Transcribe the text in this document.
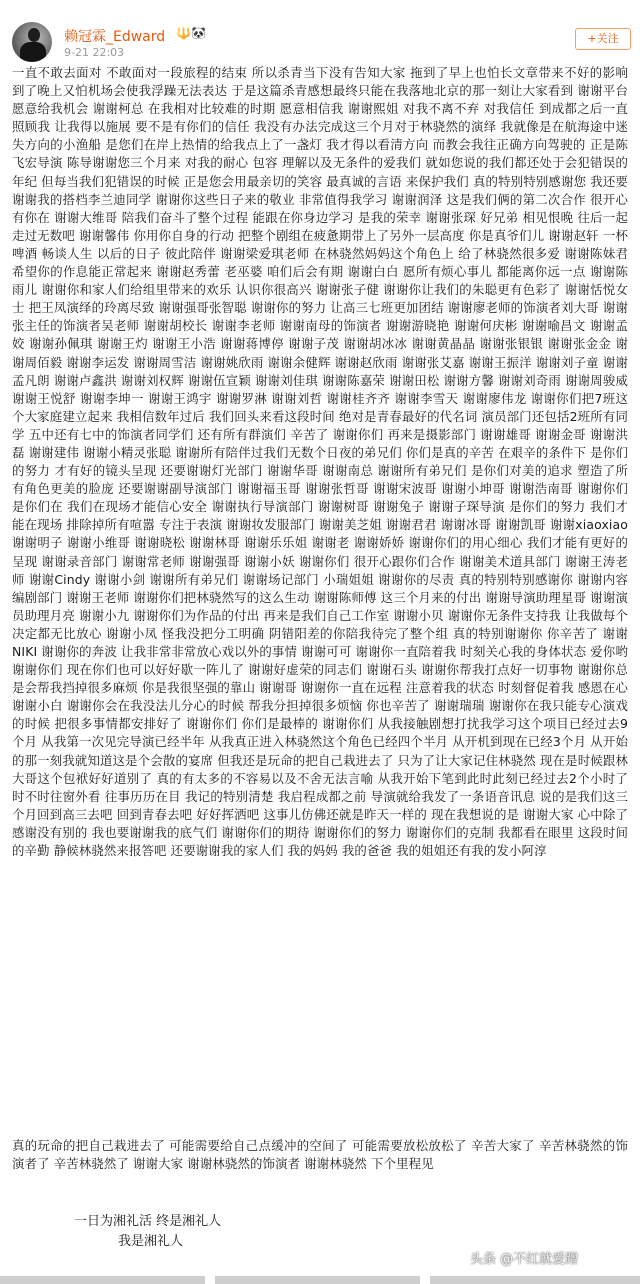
赖冠霖_Edward 🔱🐼
9-21 22:03
+关注

一直不敢去面对 不敢面对一段旅程的结束 所以杀青当下没有告知大家 拖到了早上也怕长文章带来不好的影响 到了晚上又怕机场会使我浮躁无法表达 于是这篇杀青感想最终只能在我落地北京的那一刻让大家看到 谢谢平台愿意给我机会 谢谢柯总 在我相对比较难的时期 愿意相信我 谢谢熙姐 对我不离不弃 对我信任 到成都之后一直照顾我 让我得以施展 要不是有你们的信任 我没有办法完成这三个月对于林骁然的演绎 我就像是在航海途中迷失方向的小渔船 是您们在岸上热情的给我点上了一盏灯 我才得以看清方向 而教会我往正确方向驾驶的 正是陈飞宏导演 陈导谢谢您三个月来 对我的耐心 包容 理解以及无条件的爱我们 就如您说的我们都还处于会犯错误的年纪 但每当我们犯错误的时候 正是您会用最亲切的笑容 最真诚的言语 来保护我们 真的特别特别感谢您 我还要谢谢我的搭档李兰迪同学 谢谢你这些日子来的敬业 非常值得我学习 谢谢润泽 这是我们俩的第二次合作 很开心有你在 谢谢大维哥 陪我们奋斗了整个过程 能跟在你身边学习 是我的荣幸 谢谢张琛 好兄弟 相见恨晚 往后一起走过无数吧 谢谢馨伟 你用你自身的行动 把整个剧组在疲惫期带上了另外一层高度 你是真爷们儿 谢谢赵轩 一杯啤酒 畅谈人生 以后的日子 彼此陪伴 谢谢梁爱琪老师 在林骁然妈妈这个角色上 给了林骁然很多爱 谢谢陈妹君 希望你的作息能正常起来 谢谢赵秀蕾 老巫婆 咱们后会有期 谢谢白白 愿所有烦心事儿 都能离你远一点 谢谢陈雨儿 谢谢你和家人们给组里带来的欢乐 认识你很高兴 谢谢张子健 谢谢你让我们的朱聪更有色彩了 谢谢恬悦女士 把王凤演绎的玲离尽致 谢谢强哥张智聪 谢谢你的努力 让高三七班更加团结 谢谢廖老师的饰演者刘大哥 谢谢张主任的饰演者吴老师 谢谢胡校长 谢谢李老师 谢谢南母的饰演者 谢谢游晓艳 谢谢何庆彬 谢谢喻昌文 谢谢孟姣 谢谢孙佩琪 谢谢王灼 谢谢王小浩 谢谢蒋博停 谢谢子茂 谢谢胡冰冰 谢谢黄晶晶 谢谢张银银 谢谢张金金 谢谢周佰毅 谢谢李运发 谢谢周雪洁 谢谢姚欣雨 谢谢余健辉 谢谢赵欣雨 谢谢张艾嘉 谢谢王振洋 谢谢刘子童 谢谢孟凡朗 谢谢卢鑫洪 谢谢刘权辉 谢谢伍宣颖 谢谢刘佳琪 谢谢陈嘉荣 谢谢田松 谢谢方馨 谢谢刘奇雨 谢谢周骏威 谢谢王悦舒 谢谢李坤一 谢谢王鸿宇 谢谢罗淋 谢谢刘哲 谢谢桂齐齐 谢谢李雪天 谢谢廖伟龙 谢谢你们把7班这个大家庭建立起来 我相信数年过后 我们回头来看这段时间 绝对是青春最好的代名词 演员部门还包括2班所有同学 五中还有七中的饰演者同学们 还有所有群演们 辛苦了 谢谢你们 再来是摄影部门 谢谢雄哥 谢谢金哥 谢谢洪磊 谢谢建伟 谢谢小精灵张聪 谢谢所有陪伴过我们无数个日夜的弟兄们 你们是真的辛苦 在艰辛的条件下 是你们的努力 才有好的镜头呈现 还要谢谢灯光部门 谢谢华哥 谢谢南总 谢谢所有弟兄们 是你们对美的追求 塑造了所有角色更美的脸庞 还要谢谢副导演部门 谢谢福玉哥 谢谢张哲哥 谢谢宋波哥 谢谢小坤哥 谢谢浩南哥 谢谢你们 是你们在 我们在现场才能信心安全 谢谢执行导演部门 谢谢树哥 谢谢兔子 谢谢子琛导演 是你们的努力 我们才能在现场 排除掉所有喧嚣 专注于表演 谢谢妆发服部门 谢谢美芝姐 谢谢君君 谢谢冰哥 谢谢凯哥 谢谢xiaoxiao 谢谢明子 谢谢小维哥 谢谢晓松 谢谢林哥 谢谢乐乐姐 谢谢老 谢谢娇娇 谢谢你们的用心细心 我们才能有更好的呈现 谢谢录音部门 谢谢常老师 谢谢强哥 谢谢小妖 谢谢你们 很开心跟你们合作 谢谢美术道具部门 谢谢王涛老师 谢谢Cindy 谢谢小剑 谢谢所有弟兄们 谢谢场记部门 小瑞姐姐 谢谢你的尽责 真的特别特别感谢你 谢谢内容编剧部门 谢谢王老师 谢谢你们把林骁然写的这么生动 谢谢陈师傅 这三个月来的付出 谢谢导演助理星哥 谢谢演员助理月亮 谢谢小九 谢谢你们为作品的付出 再来是我们自己工作室 谢谢小贝 谢谢你无条件支持我 让我做每个决定都无比放心 谢谢小凤 怪我没把分工明确 阴错阳差的你陪我待完了整个组 真的特别谢谢你 你辛苦了 谢谢NIKI 谢谢你的奔波 让我非常非常放心戏以外的事情 谢谢可可 谢谢你一直陪着我 时刻关心我的身体状态 爱你哟 谢谢你们 现在你们也可以好好歇一阵儿了 谢谢好虚荣的同志们 谢谢石头 谢谢你帮我打点好一切事物 谢谢你总是会帮我挡掉很多麻烦 你是我很坚强的靠山 谢谢哥 谢谢你一直在远程 注意着我的状态 时刻督促着我 感恩在心 谢谢小白 谢谢你会在我没法儿分心的时候 帮我分担掉很多烦恼 你也辛苦了 谢谢瑞瑞 谢谢你在我只能专心演戏的时候 把很多事情都安排好了 谢谢你们 你们是最棒的 谢谢你们 从我接触剧想打扰我学习这个项目已经过去9个月 从我第一次见完导演已经半年 从我真正进入林骁然这个角色已经四个半月 从开机到现在已经3个月 从开始的那一刻我就知道这是个会散的宴席 但我还是玩命的把自己栽进去了 只为了让大家记住林骁然 现在是时候跟林大哥这个包袱好好道别了 真的有太多的不容易以及不舍无法言喻 从我开始下笔到此时此刻已经过去2个小时了 时不时往窗外看 往事历历在目 我记的特别清楚 我启程成都之前 导演就给我发了一条语音讯息 说的是我们这三个月回到高三去吧 回到青春去吧 好好挥洒吧 这事儿仿佛还就是昨天一样的 现在我想说的是 谢谢大家 心中除了感谢没有别的 我也要谢谢我的底气们 谢谢你们的期待 谢谢你们的努力 谢谢你们的克制 我都看在眼里 这段时间的辛勤 静候林骁然来报答吧 还要谢谢我的家人们 我的妈妈 我的爸爸 我的姐姐还有我的发小阿淳

真的玩命的把自己栽进去了 可能需要给自己点缓冲的空间了 可能需要放松放松了 辛苦大家了 辛苦林骁然的饰演者了 辛苦林骁然了 谢谢大家 谢谢林骁然的饰演者 谢谢林骁然 下个里程见

一日为湘礼活 终是湘礼人
我是湘礼人
头条 @不红就爱蹭
